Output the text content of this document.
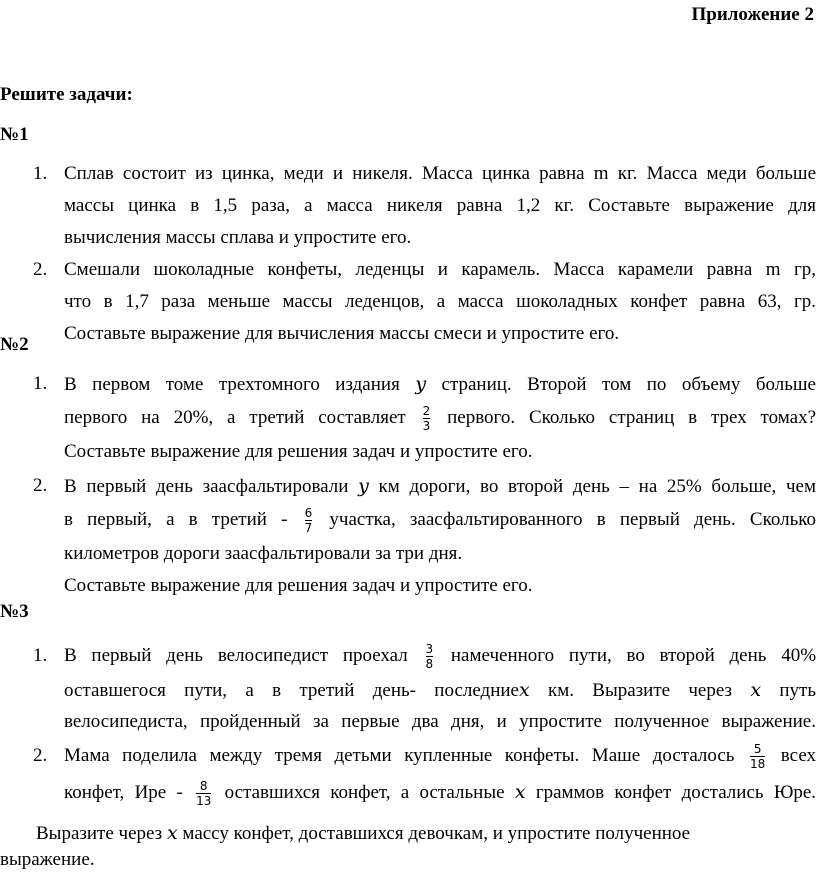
Приложение 2
Решите задачи:
№1
1. Сплав состоит из цинка, меди и никеля. Масса цинка равна m кг. Масса меди больше
массы цинка в 1,5 раза, а масса никеля равна 1,2 кг. Составьте выражение для
вычисления массы сплава и упростите его.
2. Смешали шоколадные конфеты, леденцы и карамель. Масса карамели равна m гр,
что в 1,7 раза меньше массы леденцов, а масса шоколадных конфет равна 63, гр.
Составьте выражение для вычисления массы смеси и упростите его.
№2
1. В первом томе трехтомного издания y страниц. Второй том по объему больше
первого на 20%, а третий составляет $\frac{2}{3}$ первого. Сколько страниц в трех томах?
Составьте выражение для решения задач и упростите его.
2. В первый день заасфальтировали y км дороги, во второй день – на 25% больше, чем
в первый, а в третий - $\frac{6}{7}$ участка, заасфальтированного в первый день. Сколько
километров дороги заасфальтировали за три дня.
Составьте выражение для решения задач и упростите его.
№3
1. В первый день велосипедист проехал $\frac{3}{8}$ намеченного пути, во второй день 40%
оставшегося пути, а в третий день- последниеx км. Выразите через x путь
велосипедиста, пройденный за первые два дня, и упростите полученное выражение.
2. Мама поделила между тремя детьми купленные конфеты. Маше досталось $\frac{5}{18}$ всех
конфет, Ире - $\frac{8}{13}$ оставшихся конфет, а остальные x граммов конфет достались Юре.
Выразите через x массу конфет, доставшихся девочкам, и упростите полученное
выражение.
